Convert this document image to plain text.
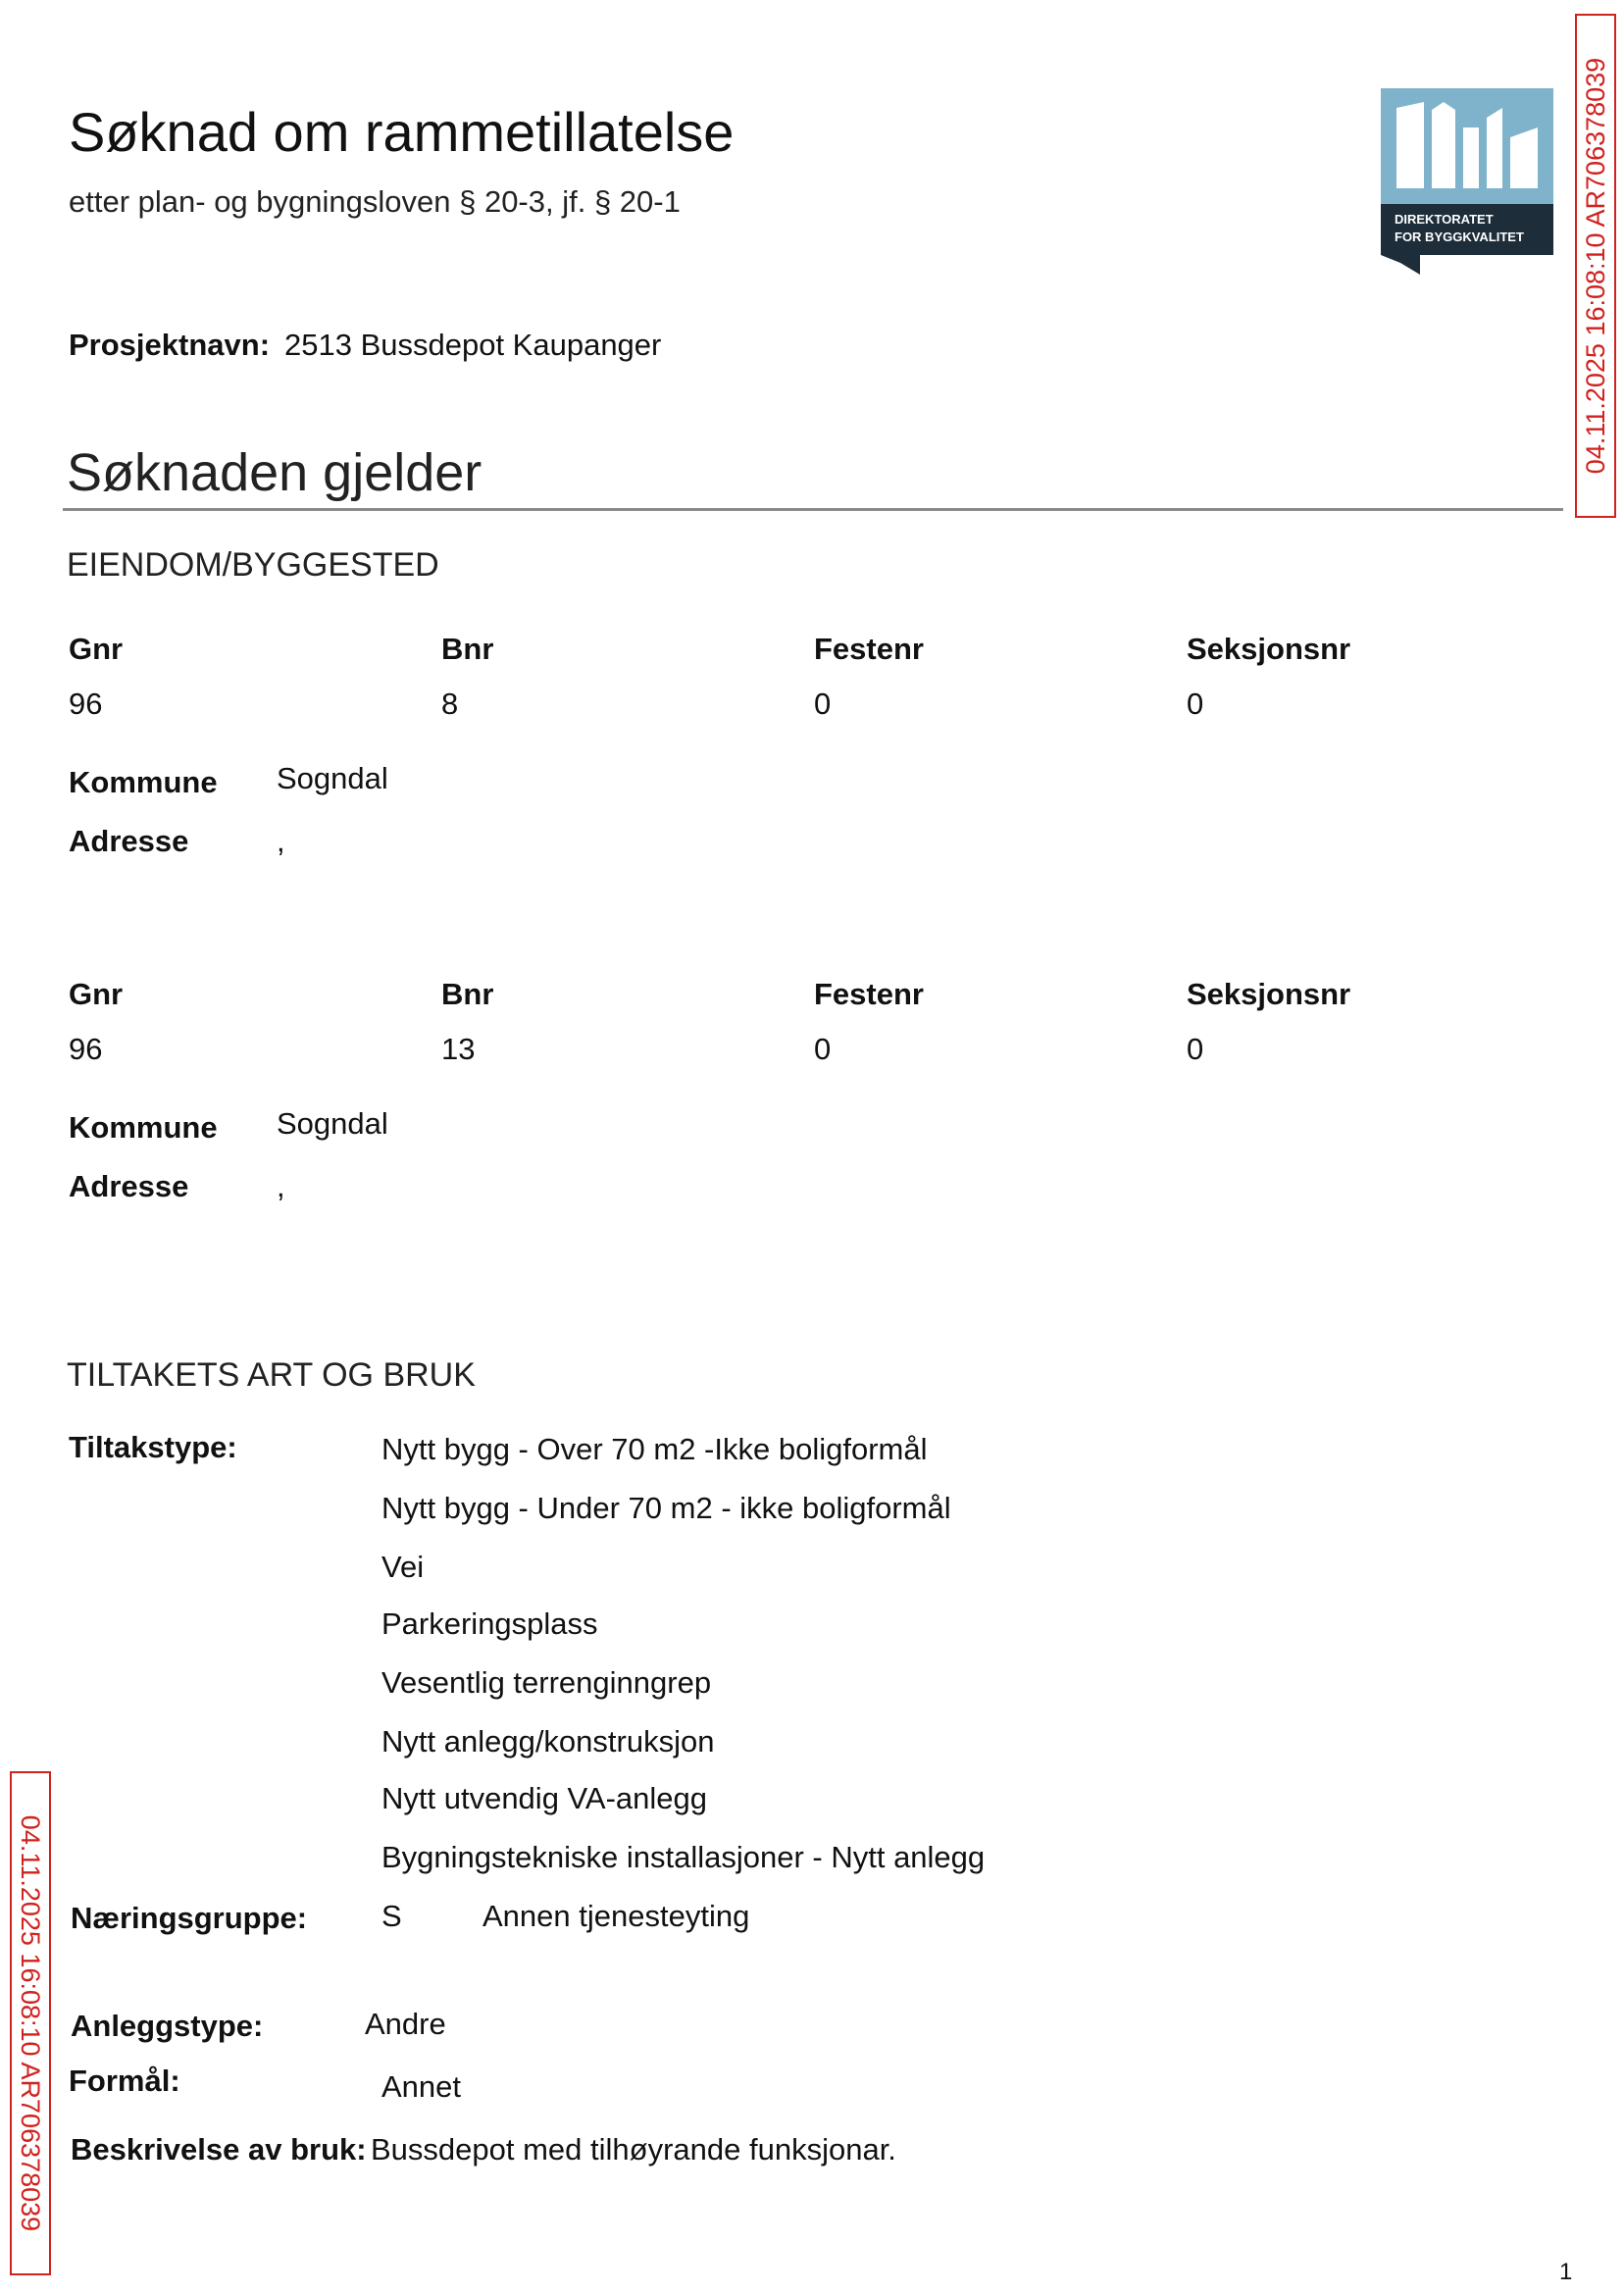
Søknad om rammetillatelse
etter plan- og bygningsloven § 20-3, jf. § 20-1
DIREKTORATET
FOR BYGGKVALITET 04.11.2025 16:08:10 AR706378039
04.11.2025 16:08:10 AR706378039
Prosjektnavn: 2513 Bussdepot Kaupanger
Søknaden gjelder
EIENDOM/BYGGESTED
Gnr	Bnr	Festenr	Seksjonsnr
96	8	0	0
Kommune Sogndal
Adresse	,
Gnr	Bnr	Festenr	Seksjonsnr
96	13	0	0
Kommune Sogndal
Adresse	,
TILTAKETS ART OG BRUK
Tiltakstype:	Nytt bygg - Over 70 m2 -Ikke boligformål
Nytt bygg - Under 70 m2 - ikke boligformål
Vei
Parkeringsplass
Vesentlig terrenginngrep
Nytt anlegg/konstruksjon
Nytt utvendig VA-anlegg
Bygningstekniske installasjoner - Nytt anlegg
Næringsgruppe: S	Annen tjenesteyting
Anleggstype:	Andre
Formål:	Annet
Beskrivelse av bruk: Bussdepot med tilhøyrande funksjonar.
1
